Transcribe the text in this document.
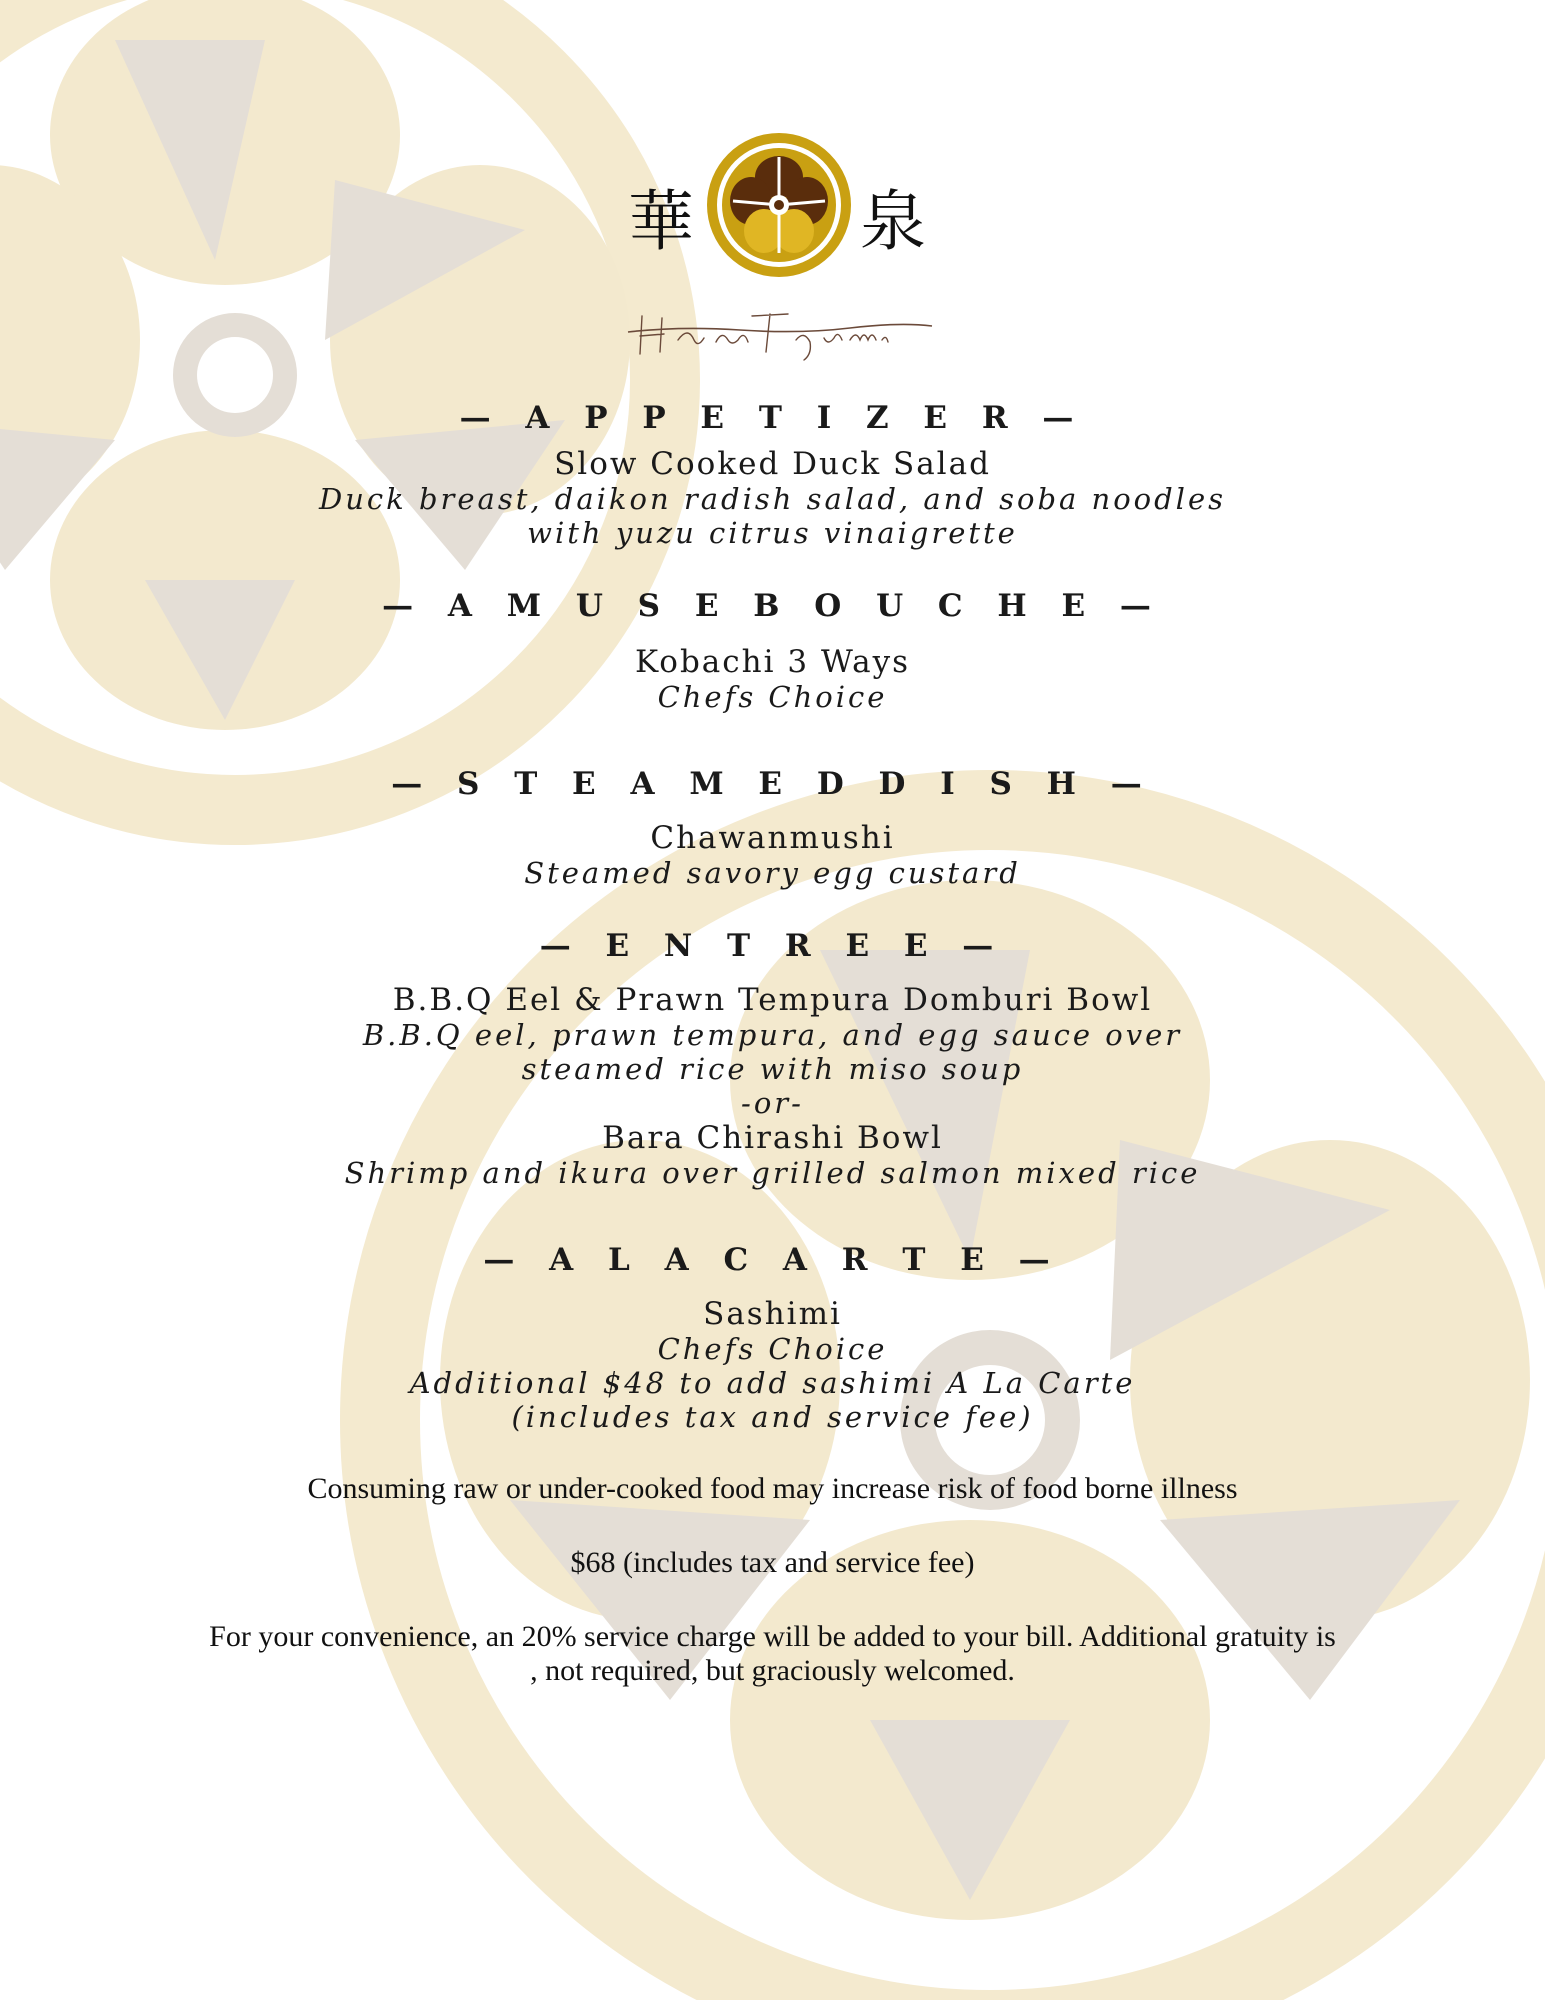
華	泉

— A P P E T I Z E R —

Slow Cooked Duck Salad

Duck breast, daikon radish salad, and soba noodles

with yuzu citrus vinaigrette

— A M U S E B O U C H E —

Kobachi 3 Ways

Chefs Choice

— S T E A M E D D I S H —

Chawanmushi

Steamed savory egg custard

— E N T R E E —

B.B.Q Eel & Prawn Tempura Domburi Bowl

B.B.Q eel, prawn tempura, and egg sauce over

steamed rice with miso soup

-or-

Bara Chirashi Bowl

Shrimp and ikura over grilled salmon mixed rice

— A L A C A R T E —

Sashimi

Chefs Choice

Additional $48 to add sashimi A La Carte

(includes tax and service fee)

Consuming raw or under-cooked food may increase risk of food borne illness

$68 (includes tax and service fee)

For your convenience, an 20% service charge will be added to your bill. Additional gratuity is

, not required, but graciously welcomed.
